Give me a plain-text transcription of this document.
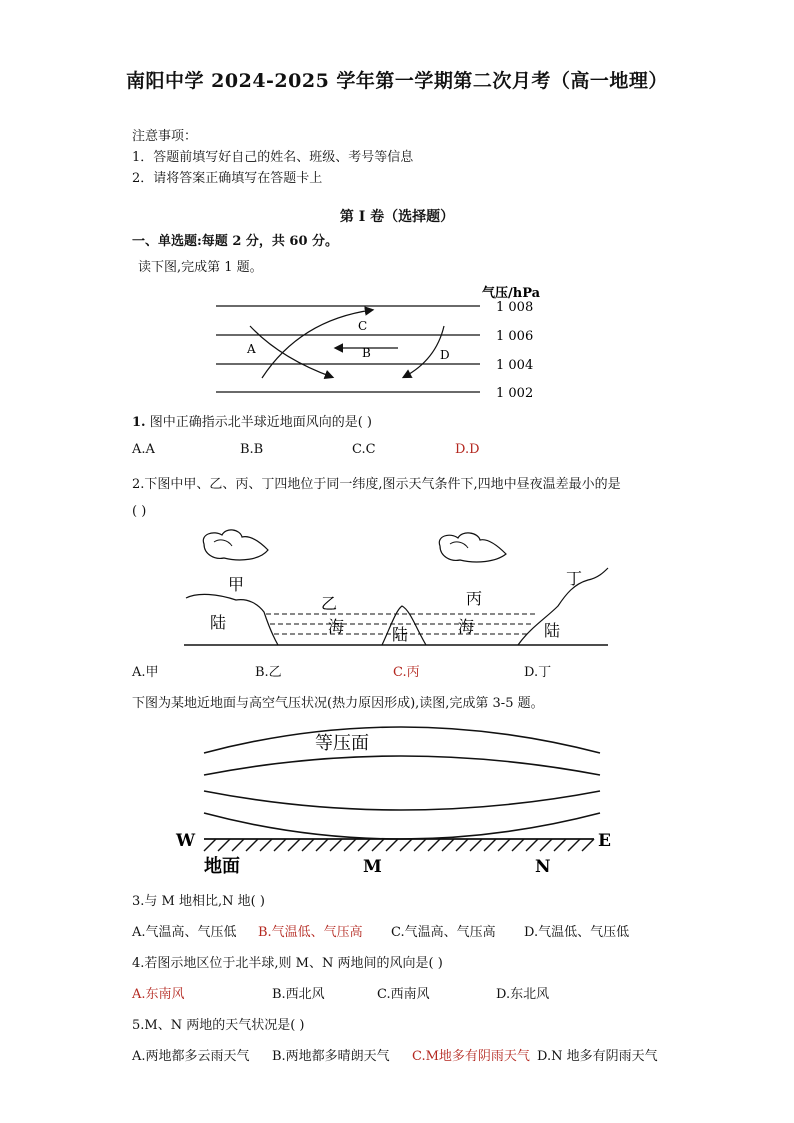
南阳中学 2024-2025 学年第一学期第二次月考（高一地理）
注意事项：
1．答题前填写好自己的姓名、班级、考号等信息
2．请将答案正确填写在答题卡上
第 I 卷（选择题）
一、单选题:每题 2 分，共 60 分。
读下图,完成第 1 题。
气压/hPa
1 008
1 006
1 004
1 002
A	B
C
D
1. 图中正确指示北半球近地面风向的是( )
A.A	B.B	C.C	D.D
2.下图中甲、乙、丙、丁四地位于同一纬度,图示天气条件下,四地中昼夜温差最小的是
( )
甲
乙	丙
丁
陆	海	陆	海	陆
A.甲	B.乙	C.丙	D.丁
下图为某地近地面与高空气压状况(热力原因形成),读图,完成第 3-5 题。
等压面
W	E
地面	M	N
3.与 M 地相比,N 地( )
A.气温高、气压低 B.气温低、气压高 C.气温高、气压高 D.气温低、气压低
4.若图示地区位于北半球,则 M、N 两地间的风向是( )
A.东南风	B.西北风	C.西南风	D.东北风
5.M、N 两地的天气状况是( )
A.两地都多云雨天气 B.两地都多晴朗天气 C.M地多有阴雨天气 D.N 地多有阴雨天气
